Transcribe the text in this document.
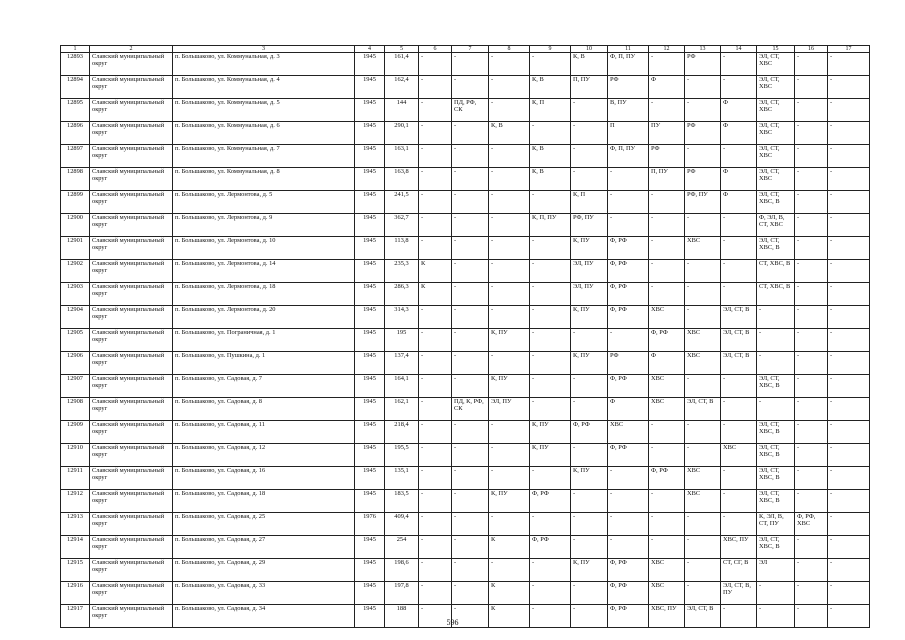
1	2	3	4	5	6	7	8	9	10	11	12	13	14	15	16	17
12893	Славский муниципальный округ	п. Большаково, ул. Коммунальная, д. 3	1945	161,4	-	-	-	-	К, В	Ф, П, ПУ	-	РФ	-	ЭЛ, СТ, ХВС	-	-
12894	Славский муниципальный округ	п. Большаково, ул. Коммунальная, д. 4	1945	162,4	-	-	-	К, В	П, ПУ	РФ	Ф	-	-	ЭЛ, СТ, ХВС	-	-
12895	Славский муниципальный округ	п. Большаково, ул. Коммунальная, д. 5	1945	144	-	ПД, РФ, СК	-	К, П	-	В, ПУ	-	-	Ф	ЭЛ, СТ, ХВС	-	-
12896	Славский муниципальный округ	п. Большаково, ул. Коммунальная, д. 6	1945	290,1	-	-	К, В	-	-	П	ПУ	РФ	Ф	ЭЛ, СТ, ХВС	-	-
12897	Славский муниципальный округ	п. Большаково, ул. Коммунальная, д. 7	1945	163,1	-	-	-	К, В	-	Ф, П, ПУ	РФ	-	-	ЭЛ, СТ, ХВС	-	-
12898	Славский муниципальный округ	п. Большаково, ул. Коммунальная, д. 8	1945	163,8	-	-	-	К, В	-	-	П, ПУ	РФ	Ф	ЭЛ, СТ, ХВС	-	-
12899	Славский муниципальный округ	п. Большаково, ул. Лермонтова, д. 5	1945	241,5	-	-	-	-	К, П	-	-	РФ, ПУ	Ф	ЭЛ, СТ, ХВС, В	-	-
12900	Славский муниципальный округ	п. Большаково, ул. Лермонтова, д. 9	1945	362,7	-	-	-	К, П, ПУ	РФ, ПУ	-	-	-	-	Ф, ЭЛ, В, СТ, ХВС	-	-
12901	Славский муниципальный округ	п. Большаково, ул. Лермонтова, д. 10	1945	113,8	-	-	-	-	К, ПУ	Ф, РФ	-	ХВС	-	ЭЛ, СТ, ХВС, В	-	-
12902	Славский муниципальный округ	п. Большаково, ул. Лермонтова, д. 14	1945	235,3	К	-	-	-	ЭЛ, ПУ	Ф, РФ	-	-	-	СТ, ХВС, В	-	-
12903	Славский муниципальный округ	п. Большаково, ул. Лермонтова, д. 18	1945	286,3	К	-	-	-	ЭЛ, ПУ	Ф, РФ	-	-	-	СТ, ХВС, В	-	-
12904	Славский муниципальный округ	п. Большаково, ул. Лермонтова, д. 20	1945	314,3	-	-	-	-	К, ПУ	Ф, РФ	ХВС	-	ЭЛ, СТ, В	-	-	-
12905	Славский муниципальный округ	п. Большаково, ул. Пограничная, д. 1	1945	195	-	-	К, ПУ	-	-	-	Ф, РФ	ХВС	ЭЛ, СТ, В	-	-	-
12906	Славский муниципальный округ	п. Большаково, ул. Пушкина, д. 1	1945	137,4	-	-	-	-	К, ПУ	РФ	Ф	ХВС	ЭЛ, СТ, В	-	-	-
12907	Славский муниципальный округ	п. Большаково, ул. Садовая, д. 7	1945	164,1	-	-	К, ПУ	-	-	Ф, РФ	ХВС	-	-	ЭЛ, СТ, ХВС, В	-	-
12908	Славский муниципальный округ	п. Большаково, ул. Садовая, д. 8	1945	162,1	-	ПД, К, РФ, СК	ЭЛ, ПУ	-	-	Ф	ХВС	ЭЛ, СТ, В	-	-	-	-
12909	Славский муниципальный округ	п. Большаково, ул. Садовая, д. 11	1945	218,4	-	-	-	К, ПУ	Ф, РФ	ХВС	-	-	-	ЭЛ, СТ, ХВС, В	-	-
12910	Славский муниципальный округ	п. Большаково, ул. Садовая, д. 12	1945	195,5	-	-	-	К, ПУ	-	Ф, РФ	-	-	ХВС	ЭЛ, СТ, ХВС, В	-	-
12911	Славский муниципальный округ	п. Большаково, ул. Садовая, д. 16	1945	135,1	-	-	-	-	К, ПУ	-	Ф, РФ	ХВС	-	ЭЛ, СТ, ХВС, В	-	-
12912	Славский муниципальный округ	п. Большаково, ул. Садовая, д. 18	1945	183,5	-	-	К, ПУ	Ф, РФ	-	-	-	ХВС	-	ЭЛ, СТ, ХВС, В	-	-
12913	Славский муниципальный округ	п. Большаково, ул. Садовая, д. 25	1976	409,4	-	-	-	-	-	-	-	-	-	К, ЭЛ, В, СТ, ПУ	Ф, РФ, ХВС	-
12914	Славский муниципальный округ	п. Большаково, ул. Садовая, д. 27	1945	254	-	-	К	Ф, РФ	-	-	-	-	ХВС, ПУ	ЭЛ, СТ, ХВС, В	-	-
12915	Славский муниципальный округ	п. Большаково, ул. Садовая, д. 29	1945	198,6	-	-	-	-	К, ПУ	Ф, РФ	ХВС	-	СТ, СГ, В	ЭЛ	-	-
12916	Славский муниципальный округ	п. Большаково, ул. Садовая, д. 33	1945	197,8	-	-	К	-	-	Ф, РФ	ХВС	-	ЭЛ, СТ, В, ПУ	-	-	-
12917	Славский муниципальный округ	п. Большаково, ул. Садовая, д. 34	1945	188	-	-	К	-	-	Ф, РФ	ХВС, ПУ	ЭЛ, СТ, В	-	-	-	-
596
